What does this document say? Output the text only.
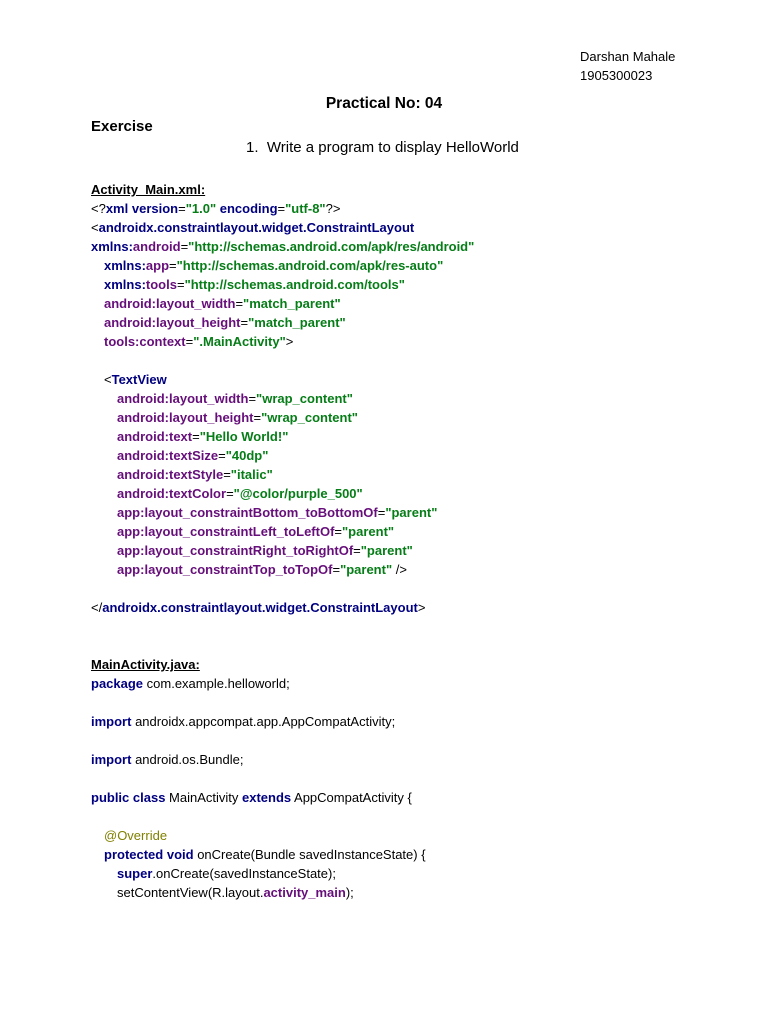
Darshan Mahale
1905300023
Practical No: 04
Exercise
1. Write a program to display HelloWorld
Activity_Main.xml:
<?xml version="1.0" encoding="utf-8"?>
<androidx.constraintlayout.widget.ConstraintLayout
xmlns:android="http://schemas.android.com/apk/res/android"
xmlns:app="http://schemas.android.com/apk/res-auto"
xmlns:tools="http://schemas.android.com/tools"
android:layout_width="match_parent"
android:layout_height="match_parent"
tools:context=".MainActivity">
<TextView
android:layout_width="wrap_content"
android:layout_height="wrap_content"
android:text="Hello World!"
android:textSize="40dp"
android:textStyle="italic"
android:textColor="@color/purple_500"
app:layout_constraintBottom_toBottomOf="parent"
app:layout_constraintLeft_toLeftOf="parent"
app:layout_constraintRight_toRightOf="parent"
app:layout_constraintTop_toTopOf="parent" />
</androidx.constraintlayout.widget.ConstraintLayout>
MainActivity.java:
package com.example.helloworld;
import androidx.appcompat.app.AppCompatActivity;
import android.os.Bundle;
public class MainActivity extends AppCompatActivity {
@Override
protected void onCreate(Bundle savedInstanceState) {
super.onCreate(savedInstanceState);
setContentView(R.layout.activity_main);
